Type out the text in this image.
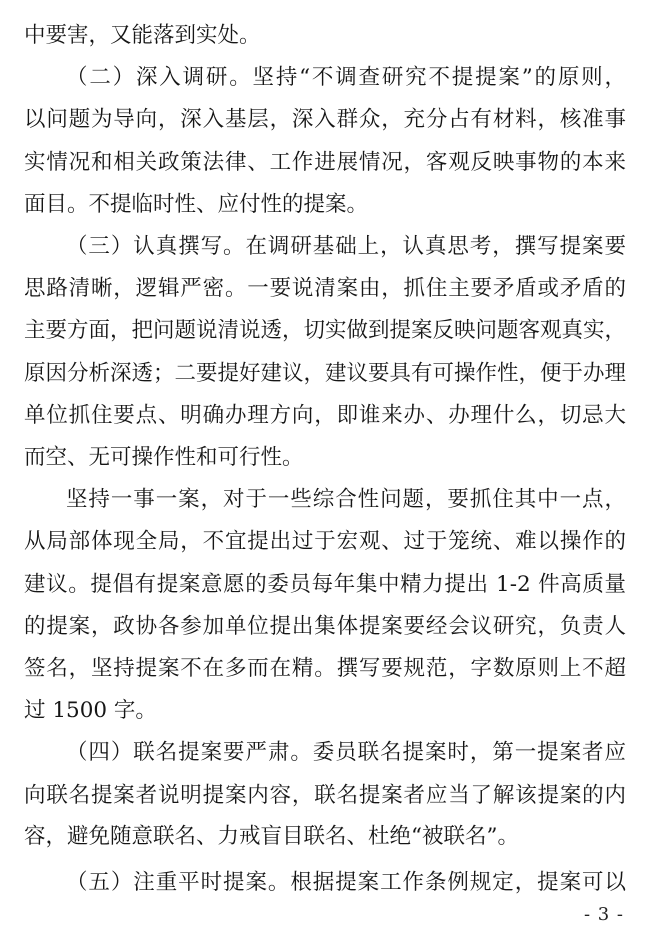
中要害，又能落到实处。

（二）深入调研。坚持“不调查研究不提提案”的原则，

以问题为导向，深入基层，深入群众，充分占有材料，核准事

实情况和相关政策法律、工作进展情况，客观反映事物的本来

面目。不提临时性、应付性的提案。

（三）认真撰写。在调研基础上，认真思考，撰写提案要

思路清晰，逻辑严密。一要说清案由，抓住主要矛盾或矛盾的

主要方面，把问题说清说透，切实做到提案反映问题客观真实，

原因分析深透；二要提好建议，建议要具有可操作性，便于办理

单位抓住要点、明确办理方向，即谁来办、办理什么，切忌大

而空、无可操作性和可行性。

坚持一事一案，对于一些综合性问题，要抓住其中一点，

从局部体现全局，不宜提出过于宏观、过于笼统、难以操作的

建议。提倡有提案意愿的委员每年集中精力提出 1-2 件高质量

的提案，政协各参加单位提出集体提案要经会议研究，负责人

签名，坚持提案不在多而在精。撰写要规范，字数原则上不超

过 1500 字。

（四）联名提案要严肃。委员联名提案时，第一提案者应

向联名提案者说明提案内容，联名提案者应当了解该提案的内

容，避免随意联名、力戒盲目联名、杜绝“被联名”。

（五）注重平时提案。根据提案工作条例规定，提案可以

- 3 -
